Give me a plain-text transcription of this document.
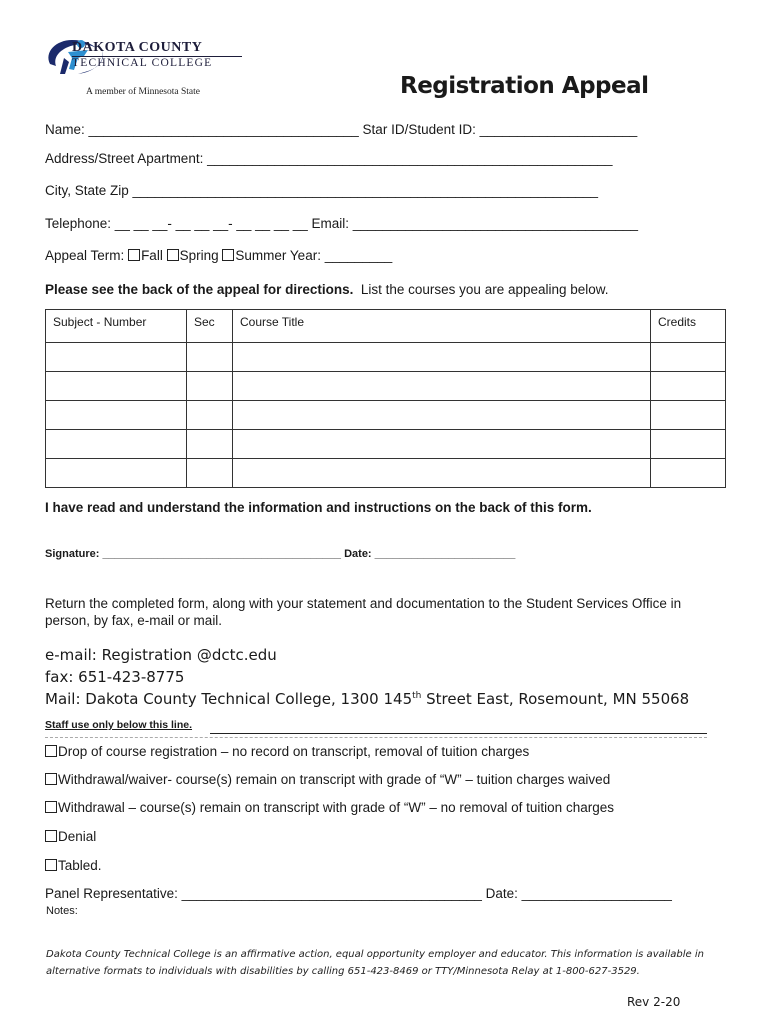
DAKOTA COUNTY
TECHNICAL COLLEGE
A member of Minnesota State	Registration Appeal
Name: ____________________________________ Star ID/Student ID: _____________________
Address/Street Apartment: ______________________________________________________
City, State Zip ______________________________________________________________
Telephone: __ __ __- __ __ __- __ __ __ __ Email: ______________________________________
Appeal Term: Fall Spring Summer Year: _________
Please see the back of the appeal for directions. List the courses you are appealing below.
Subject - Number	Sec	Course Title	Credits

I have read and understand the information and instructions on the back of this form.
Signature: _______________________________________ Date: _______________________
Return the completed form, along with your statement and documentation to the Student Services Office in person, by fax, e-mail or mail.
e-mail: Registration @dctc.edu
fax: 651-423-8775
Mail: Dakota County Technical College, 1300 145th Street East, Rosemount, MN 55068
Staff use only below this line.
Drop of course registration – no record on transcript, removal of tuition charges
Withdrawal/waiver- course(s) remain on transcript with grade of “W” – tuition charges waived
Withdrawal – course(s) remain on transcript with grade of “W” – no removal of tuition charges
Denial
Tabled.
Panel Representative: ________________________________________ Date: ____________________
Notes:
Dakota County Technical College is an affirmative action, equal opportunity employer and educator. This information is available in alternative formats to individuals with disabilities by calling 651-423-8469 or TTY/Minnesota Relay at 1-800-627-3529.
Rev 2-20
